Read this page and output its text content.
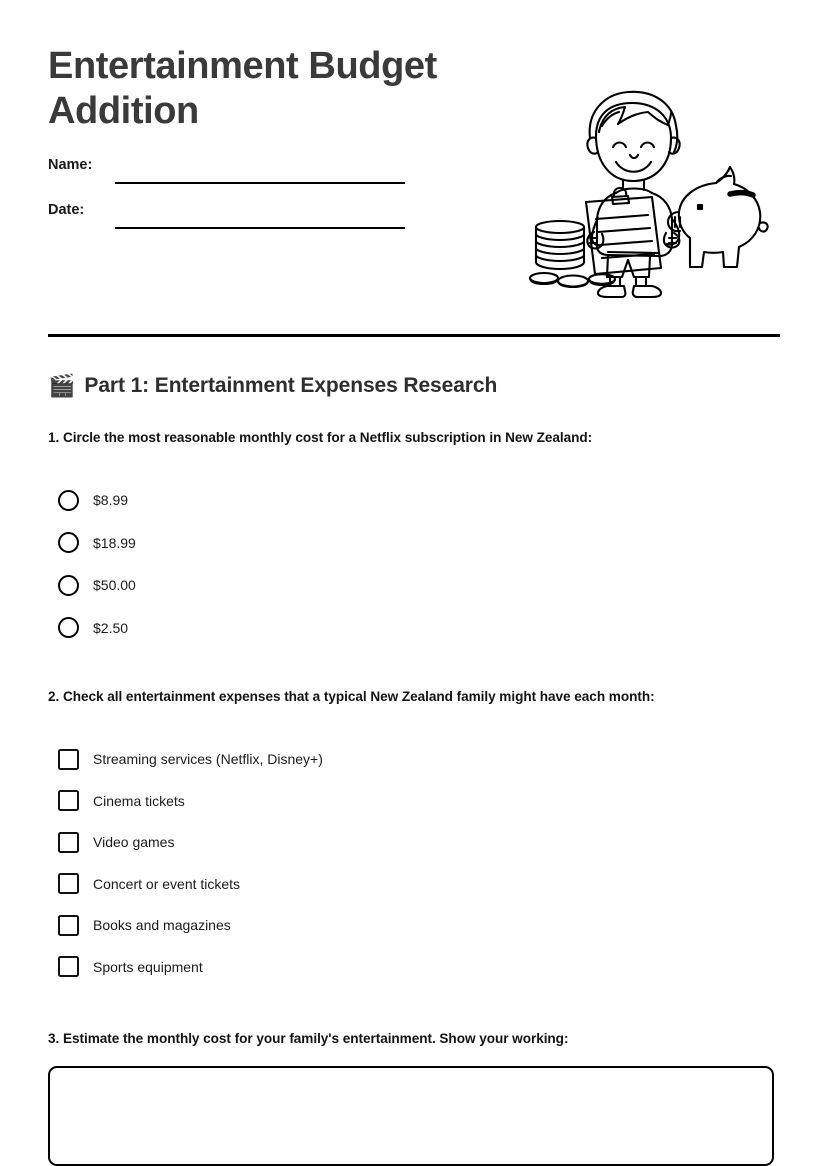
Entertainment Budget Addition
Name:
Date:
🎬 Part 1: Entertainment Expenses Research
1. Circle the most reasonable monthly cost for a Netflix subscription in New Zealand:
$8.99
$18.99
$50.00
$2.50
2. Check all entertainment expenses that a typical New Zealand family might have each month:
Streaming services (Netflix, Disney+)
Cinema tickets
Video games
Concert or event tickets
Books and magazines
Sports equipment
3. Estimate the monthly cost for your family's entertainment. Show your working:
